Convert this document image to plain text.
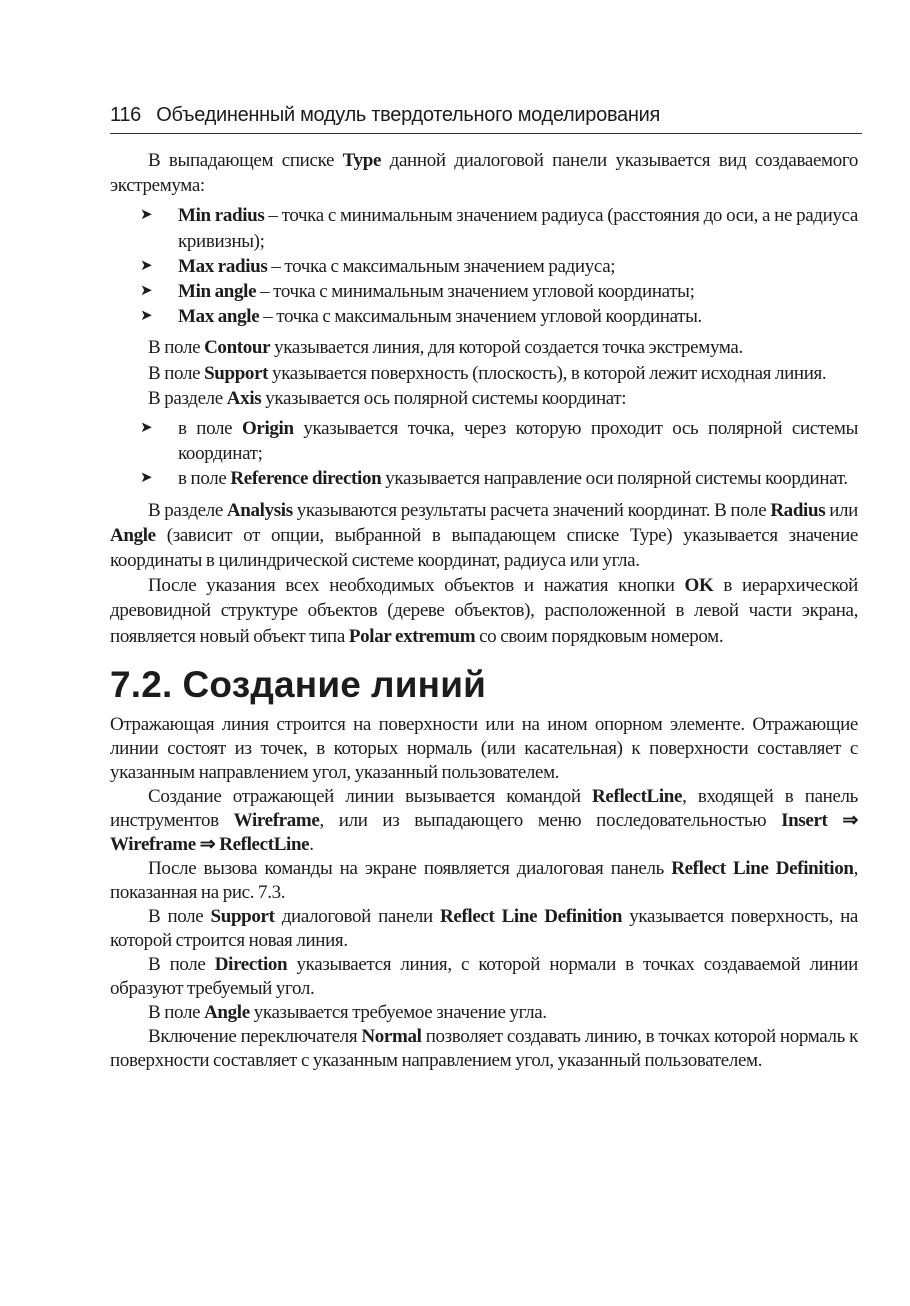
116 Объединенный модуль твердотельного моделирования

В выпадающем списке Type данной диалоговой панели указывается вид создаваемого экстремума:

➤ Min radius – точка с минимальным значением радиуса (расстояния до оси, а не радиуса кривизны);
➤ Max radius – точка с максимальным значением радиуса;
➤ Min angle – точка с минимальным значением угловой координаты;
➤ Max angle – точка с максимальным значением угловой координаты.

В поле Contour указывается линия, для которой создается точка экстремума.

В поле Support указывается поверхность (плоскость), в которой лежит исходная линия.

В разделе Axis указывается ось полярной системы координат:

➤ в поле Origin указывается точка, через которую проходит ось полярной системы координат;
➤ в поле Reference direction указывается направление оси полярной системы координат.

В разделе Analysis указываются результаты расчета значений координат. В поле Radius или Angle (зависит от опции, выбранной в выпадающем списке Type) указывается значение координаты в цилиндрической системе координат, радиуса или угла.

После указания всех необходимых объектов и нажатия кнопки OK в иерархической древовидной структуре объектов (дереве объектов), расположенной в левой части экрана, появляется новый объект типа Polar extremum со своим порядковым номером.

7.2. Создание линий

Отражающая линия строится на поверхности или на ином опорном элементе. Отражающие линии состоят из точек, в которых нормаль (или касательная) к поверхности составляет с указанным направлением угол, указанный пользователем.

Создание отражающей линии вызывается командой ReflectLine, входящей в панель инструментов Wireframe, или из выпадающего меню последовательностью Insert ⇒ Wireframe ⇒ ReflectLine.

После вызова команды на экране появляется диалоговая панель Reflect Line Definition, показанная на рис. 7.3.

В поле Support диалоговой панели Reflect Line Definition указывается поверхность, на которой строится новая линия.

В поле Direction указывается линия, с которой нормали в точках создаваемой линии образуют требуемый угол.

В поле Angle указывается требуемое значение угла.

Включение переключателя Normal позволяет создавать линию, в точках которой нормаль к поверхности составляет с указанным направлением угол, указанный пользователем.
